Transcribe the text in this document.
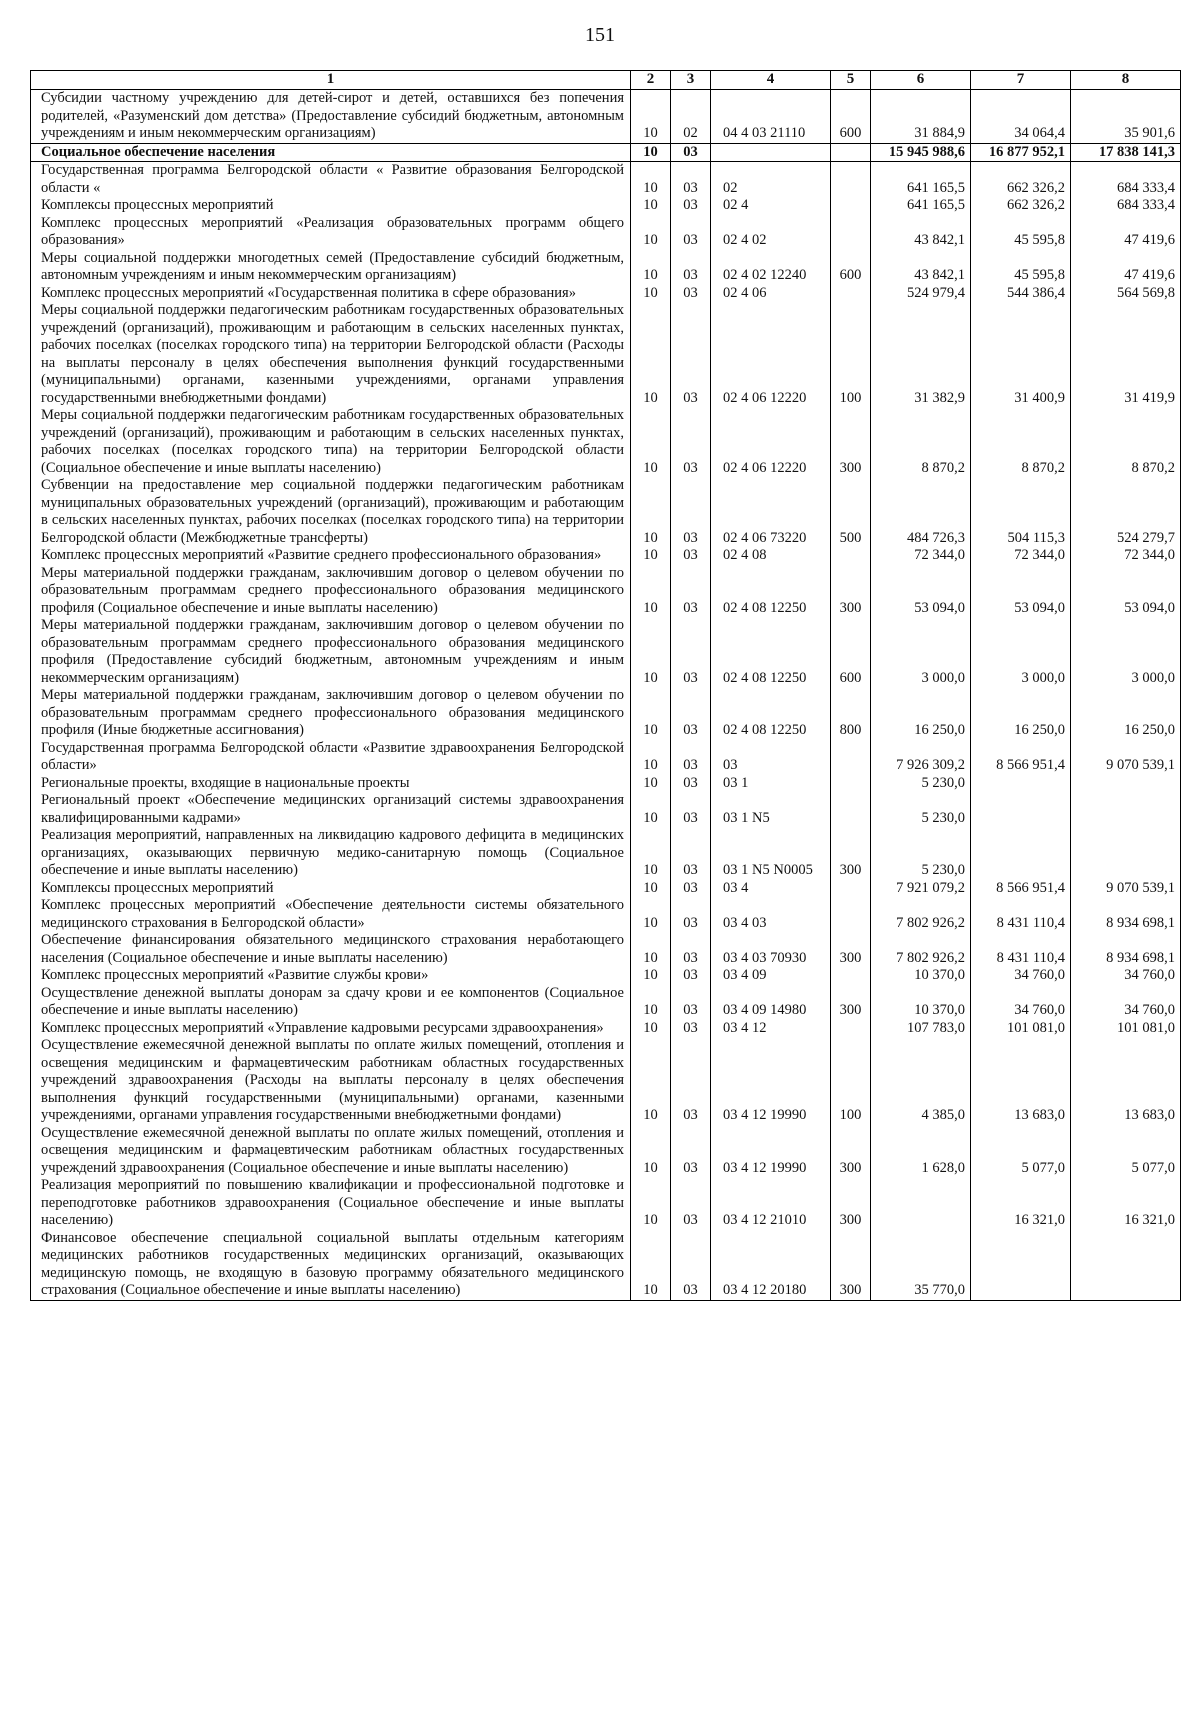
151
1	2	3	4	5	6	7	8
Субсидии частному учреждению для детей-сирот и детей, оставшихся без попечения родителей, «Разуменский дом детства» (Предоставление субсидий бюджетным, автономным учреждениям и иным некоммерческим организациям)	10	02	04 4 03 21110	600	31 884,9	34 064,4	35 901,6
Социальное обеспечение населения	10	03			15 945 988,6	16 877 952,1	17 838 141,3
Государственная программа Белгородской области « Развитие образования Белгородской области «	10	03	02		641 165,5	662 326,2	684 333,4
Комплексы процессных мероприятий	10	03	02 4		641 165,5	662 326,2	684 333,4
Комплекс процессных мероприятий «Реализация образовательных программ общего образования»	10	03	02 4 02		43 842,1	45 595,8	47 419,6
Меры социальной поддержки многодетных семей (Предоставление субсидий бюджетным, автономным учреждениям и иным некоммерческим организациям)	10	03	02 4 02 12240	600	43 842,1	45 595,8	47 419,6
Комплекс процессных мероприятий «Государственная политика в сфере образования»	10	03	02 4 06		524 979,4	544 386,4	564 569,8
Меры социальной поддержки педагогическим работникам государственных образовательных учреждений (организаций), проживающим и работающим в сельских населенных пунктах, рабочих поселках (поселках городского типа) на территории Белгородской области (Расходы на выплаты персоналу в целях обеспечения выполнения функций государственными (муниципальными) органами, казенными учреждениями, органами управления государственными внебюджетными фондами)	10	03	02 4 06 12220	100	31 382,9	31 400,9	31 419,9
Меры социальной поддержки педагогическим работникам государственных образовательных учреждений (организаций), проживающим и работающим в сельских населенных пунктах, рабочих поселках (поселках городского типа) на территории Белгородской области (Социальное обеспечение и иные выплаты населению)	10	03	02 4 06 12220	300	8 870,2	8 870,2	8 870,2
Субвенции на предоставление мер социальной поддержки педагогическим работникам муниципальных образовательных учреждений (организаций), проживающим и работающим в сельских населенных пунктах, рабочих поселках (поселках городского типа) на территории Белгородской области (Межбюджетные трансферты)	10	03	02 4 06 73220	500	484 726,3	504 115,3	524 279,7
Комплекс процессных мероприятий «Развитие среднего профессионального образования»	10	03	02 4 08		72 344,0	72 344,0	72 344,0
Меры материальной поддержки гражданам, заключившим договор о целевом обучении по образовательным программам среднего профессионального образования медицинского профиля (Социальное обеспечение и иные выплаты населению)	10	03	02 4 08 12250	300	53 094,0	53 094,0	53 094,0
Меры материальной поддержки гражданам, заключившим договор о целевом обучении по образовательным программам среднего профессионального образования медицинского профиля (Предоставление субсидий бюджетным, автономным учреждениям и иным некоммерческим организациям)	10	03	02 4 08 12250	600	3 000,0	3 000,0	3 000,0
Меры материальной поддержки гражданам, заключившим договор о целевом обучении по образовательным программам среднего профессионального образования медицинского профиля (Иные бюджетные ассигнования)	10	03	02 4 08 12250	800	16 250,0	16 250,0	16 250,0
Государственная программа Белгородской области «Развитие здравоохранения Белгородской области»	10	03	03		7 926 309,2	8 566 951,4	9 070 539,1
Региональные проекты, входящие в национальные проекты	10	03	03 1		5 230,0		
Региональный проект «Обеспечение медицинских организаций системы здравоохранения квалифицированными кадрами»	10	03	03 1 N5		5 230,0		
Реализация мероприятий, направленных на ликвидацию кадрового дефицита в медицинских организациях, оказывающих первичную медико-санитарную помощь (Социальное обеспечение и иные выплаты населению)	10	03	03 1 N5 N0005	300	5 230,0		
Комплексы процессных мероприятий	10	03	03 4		7 921 079,2	8 566 951,4	9 070 539,1
Комплекс процессных мероприятий «Обеспечение деятельности системы обязательного медицинского страхования в Белгородской области»	10	03	03 4 03		7 802 926,2	8 431 110,4	8 934 698,1
Обеспечение финансирования обязательного медицинского страхования неработающего населения (Социальное обеспечение и иные выплаты населению)	10	03	03 4 03 70930	300	7 802 926,2	8 431 110,4	8 934 698,1
Комплекс процессных мероприятий «Развитие службы крови»	10	03	03 4 09		10 370,0	34 760,0	34 760,0
Осуществление денежной выплаты донорам за сдачу крови и ее компонентов (Социальное обеспечение и иные выплаты населению)	10	03	03 4 09 14980	300	10 370,0	34 760,0	34 760,0
Комплекс процессных мероприятий «Управление кадровыми ресурсами здравоохранения»	10	03	03 4 12		107 783,0	101 081,0	101 081,0
Осуществление ежемесячной денежной выплаты по оплате жилых помещений, отопления и освещения медицинским и фармацевтическим работникам областных государственных учреждений здравоохранения (Расходы на выплаты персоналу в целях обеспечения выполнения функций государственными (муниципальными) органами, казенными учреждениями, органами управления государственными внебюджетными фондами)	10	03	03 4 12 19990	100	4 385,0	13 683,0	13 683,0
Осуществление ежемесячной денежной выплаты по оплате жилых помещений, отопления и освещения медицинским и фармацевтическим работникам областных государственных учреждений здравоохранения (Социальное обеспечение и иные выплаты населению)	10	03	03 4 12 19990	300	1 628,0	5 077,0	5 077,0
Реализация мероприятий по повышению квалификации и профессиональной подготовке и переподготовке работников здравоохранения (Социальное обеспечение и иные выплаты населению)	10	03	03 4 12 21010	300		16 321,0	16 321,0
Финансовое обеспечение специальной социальной выплаты отдельным категориям медицинских работников государственных медицинских организаций, оказывающих медицинскую помощь, не входящую в базовую программу обязательного медицинского страхования (Социальное обеспечение и иные выплаты населению)	10	03	03 4 12 20180	300	35 770,0		
